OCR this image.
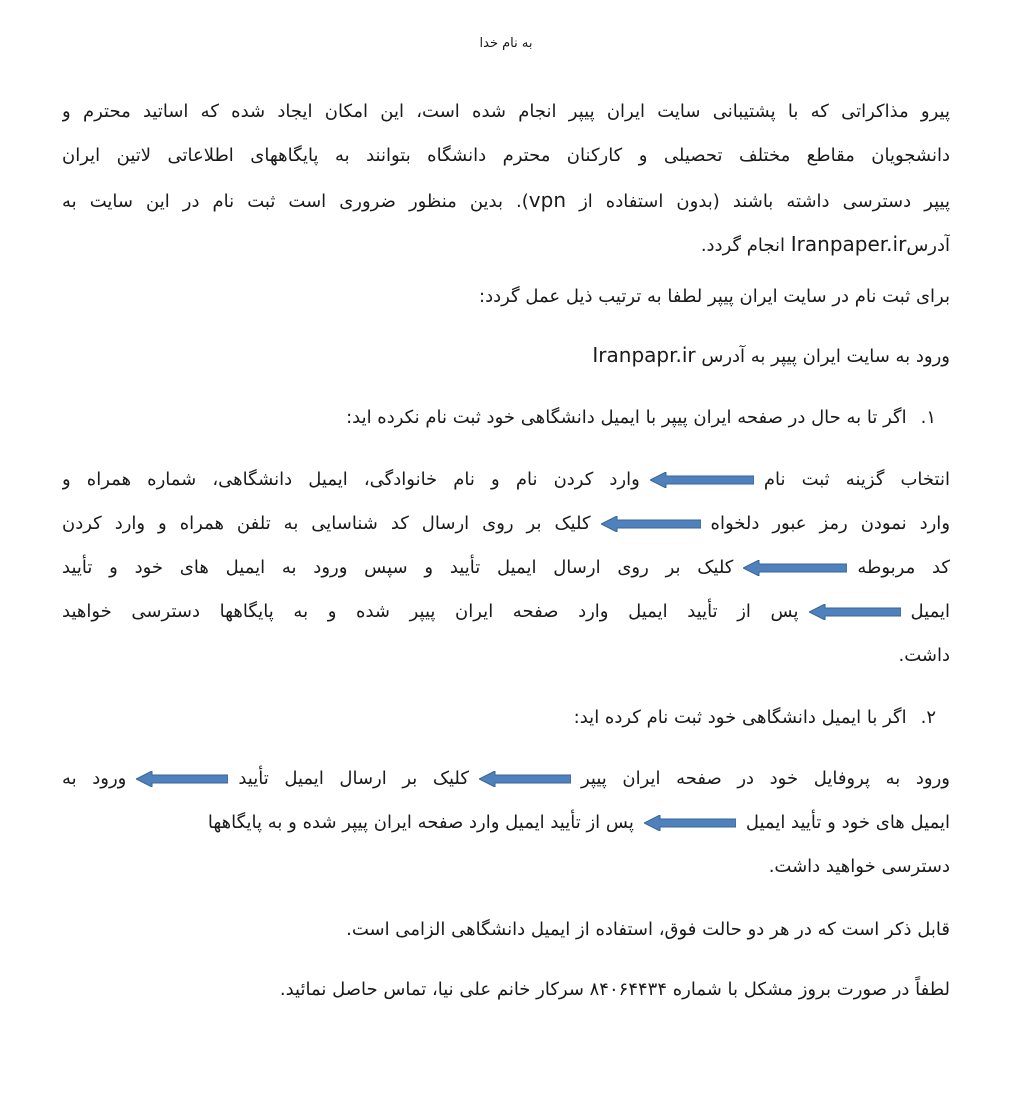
به نام خدا
پیرو مذاکراتی که با پشتیبانی سایت ایران پیپر انجام شده است، این امکان ایجاد شده که اساتید محترم و
دانشجویان مقاطع مختلف تحصیلی و کارکنان محترم دانشگاه بتوانند به پایگاههای اطلاعاتی لاتین ایران
پیپر دسترسی داشته باشند (بدون استفاده از vpn). بدین منظور ضروری است ثبت نام در این سایت به
آدرسIranpaper.ir انجام گردد.
برای ثبت نام در سایت ایران پیپر لطفا به ترتیب ذیل عمل گردد:
ورود به سایت ایران پیپر به آدرس Iranpapr.ir
۱.اگر تا به حال در صفحه ایران پیپر با ایمیل دانشگاهی خود ثبت نام نکرده اید:
انتخاب گزینه ثبت ناموارد کردن نام و نام خانوادگی، ایمیل دانشگاهی، شماره همراه و
وارد نمودن رمز عبور دلخواهکلیک بر روی ارسال کد شناسایی به تلفن همراه و وارد کردن
کد مربوطهکلیک بر روی ارسال ایمیل تأیید و سپس ورود به ایمیل های خود و تأیید
ایمیلپس از تأیید ایمیل وارد صفحه ایران پیپر شده و به پایگاهها دسترسی خواهید
داشت.
۲.اگر با ایمیل دانشگاهی خود ثبت نام کرده اید:
ورود به پروفایل خود در صفحه ایران پیپرکلیک بر ارسال ایمیل تأییدورود به
ایمیل های خود و تأیید ایمیلپس از تأیید ایمیل وارد صفحه ایران پیپر شده و به پایگاهها
دسترسی خواهید داشت.
قابل ذکر است که در هر دو حالت فوق، استفاده از ایمیل دانشگاهی الزامی است.
لطفاً در صورت بروز مشکل با شماره ۸۴۰۶۴۴۳۴ سرکار خانم علی نیا، تماس حاصل نمائید.
